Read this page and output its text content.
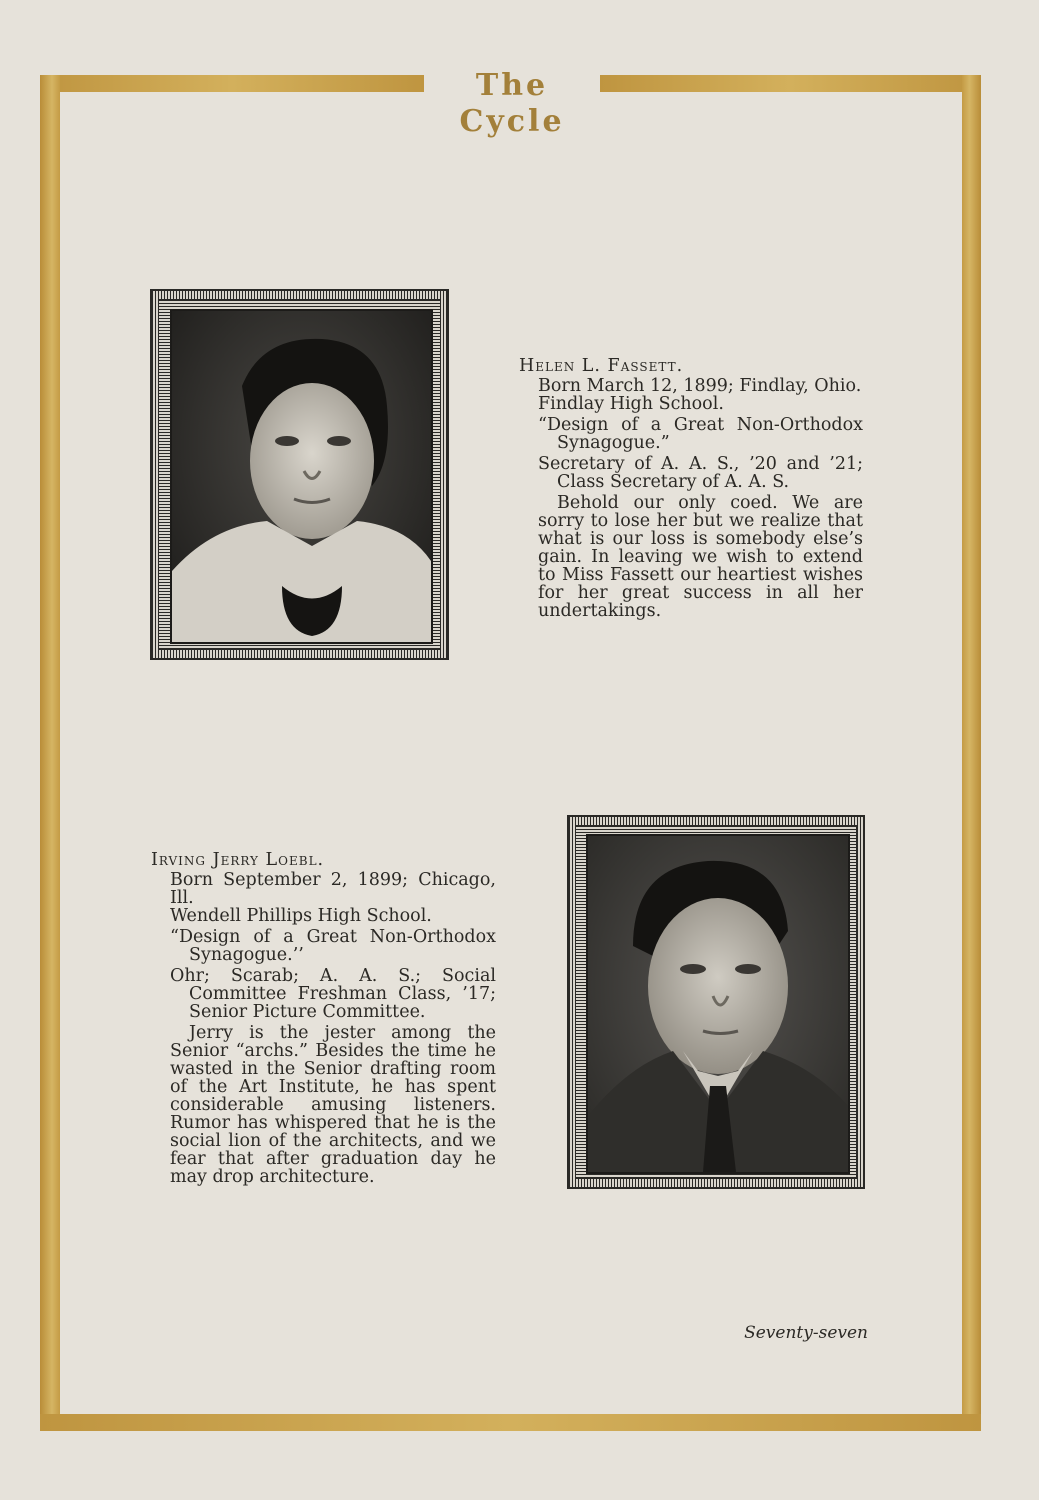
The Cycle

Helen L. Fassett.

Born March 12, 1899; Findlay, Ohio.

Findlay High School.

“Design of a Great Non-Orthodox Synagogue.”

Secretary of A. A. S., ’20 and ’21; Class Secretary of A. A. S.

Behold our only coed. We are sorry to lose her but we realize that what is our loss is somebody else’s gain. In leaving we wish to extend to Miss Fassett our heartiest wishes for her great success in all her undertakings.

Irving Jerry Loebl.

Born September 2, 1899; Chicago, Ill.

Wendell Phillips High School.

“Design of a Great Non-Orthodox Synagogue.’’

Ohr; Scarab; A. A. S.; Social Committee Freshman Class, ’17; Senior Picture Committee.

Jerry is the jester among the Senior “archs.” Besides the time he wasted in the Senior drafting room of the Art Institute, he has spent considerable amusing listeners. Rumor has whispered that he is the social lion of the architects, and we fear that after graduation day he may drop architecture.

Seventy-seven
